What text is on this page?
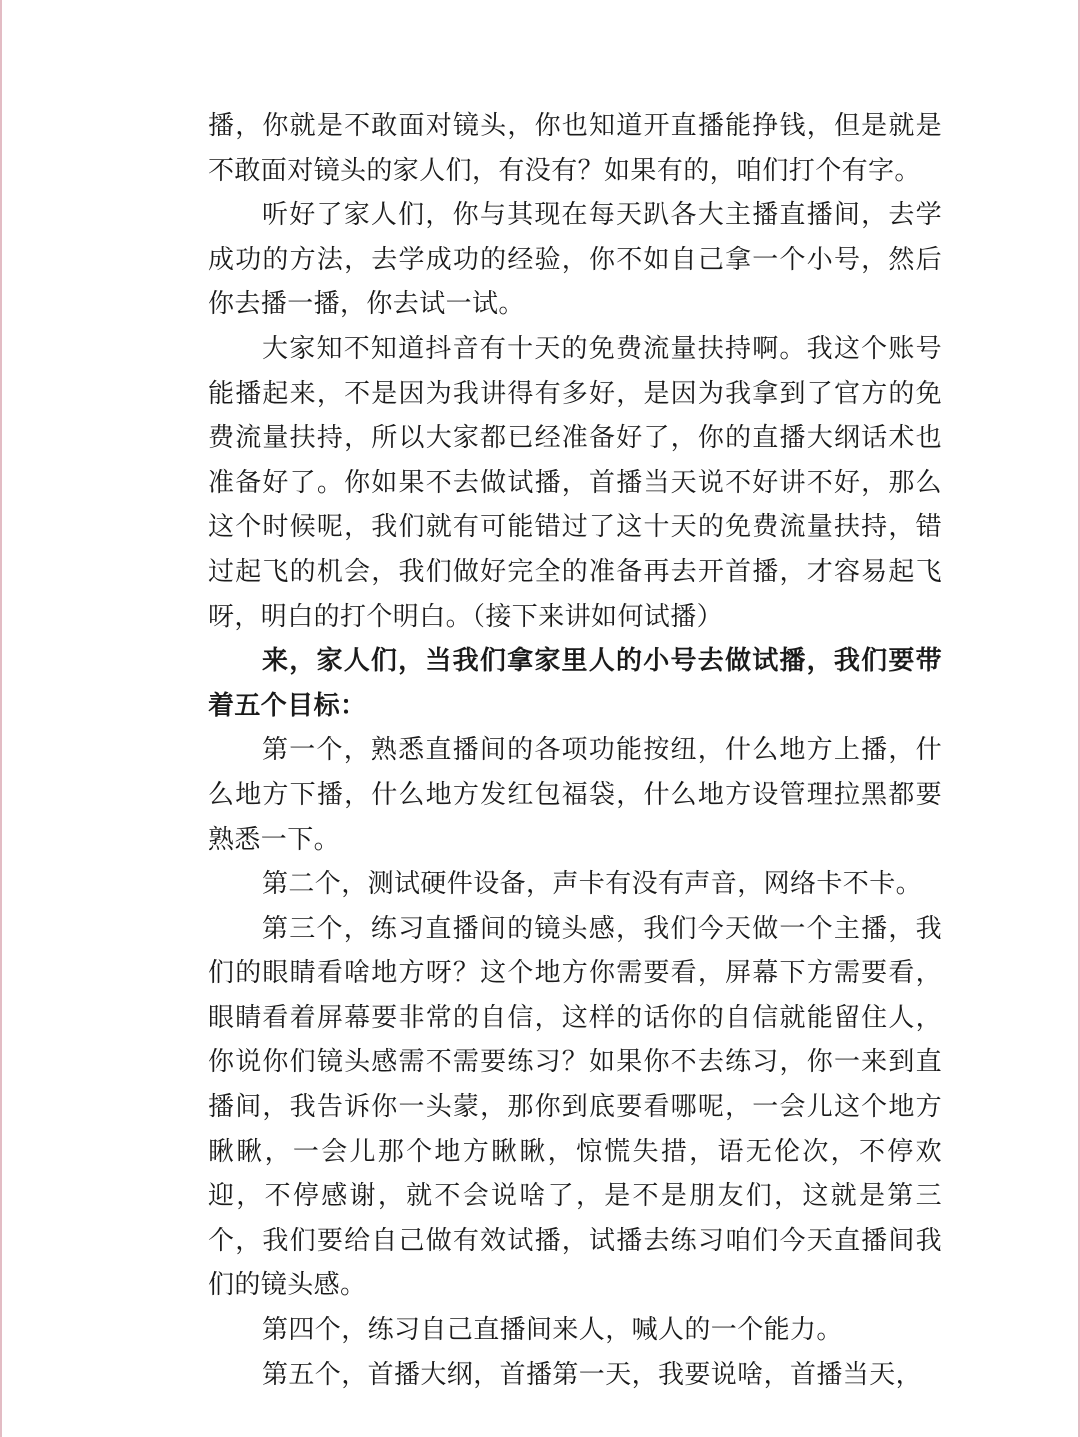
播，你就是不敢面对镜头，你也知道开直播能挣钱，但是就是不敢面对镜头的家人们，有没有？如果有的，咱们打个有字。

听好了家人们，你与其现在每天趴各大主播直播间，去学成功的方法，去学成功的经验，你不如自己拿一个小号，然后你去播一播，你去试一试。

大家知不知道抖音有十天的免费流量扶持啊。我这个账号能播起来，不是因为我讲得有多好，是因为我拿到了官方的免费流量扶持，所以大家都已经准备好了，你的直播大纲话术也准备好了。你如果不去做试播，首播当天说不好讲不好，那么这个时候呢，我们就有可能错过了这十天的免费流量扶持，错过起飞的机会，我们做好完全的准备再去开首播，才容易起飞呀，明白的打个明白。（接下来讲如何试播）

来，家人们，当我们拿家里人的小号去做试播，我们要带着五个目标：

第一个，熟悉直播间的各项功能按纽，什么地方上播，什么地方下播，什么地方发红包福袋，什么地方设管理拉黑都要熟悉一下。

第二个，测试硬件设备，声卡有没有声音，网络卡不卡。

第三个，练习直播间的镜头感，我们今天做一个主播，我们的眼睛看啥地方呀？这个地方你需要看，屏幕下方需要看，眼睛看着屏幕要非常的自信，这样的话你的自信就能留住人，你说你们镜头感需不需要练习？如果你不去练习，你一来到直播间，我告诉你一头蒙，那你到底要看哪呢，一会儿这个地方瞅瞅，一会儿那个地方瞅瞅，惊慌失措，语无伦次，不停欢迎，不停感谢，就不会说啥了，是不是朋友们，这就是第三个，我们要给自己做有效试播，试播去练习咱们今天直播间我们的镜头感。

第四个，练习自己直播间来人，喊人的一个能力。

第五个，首播大纲，首播第一天，我要说啥，首播当天，
